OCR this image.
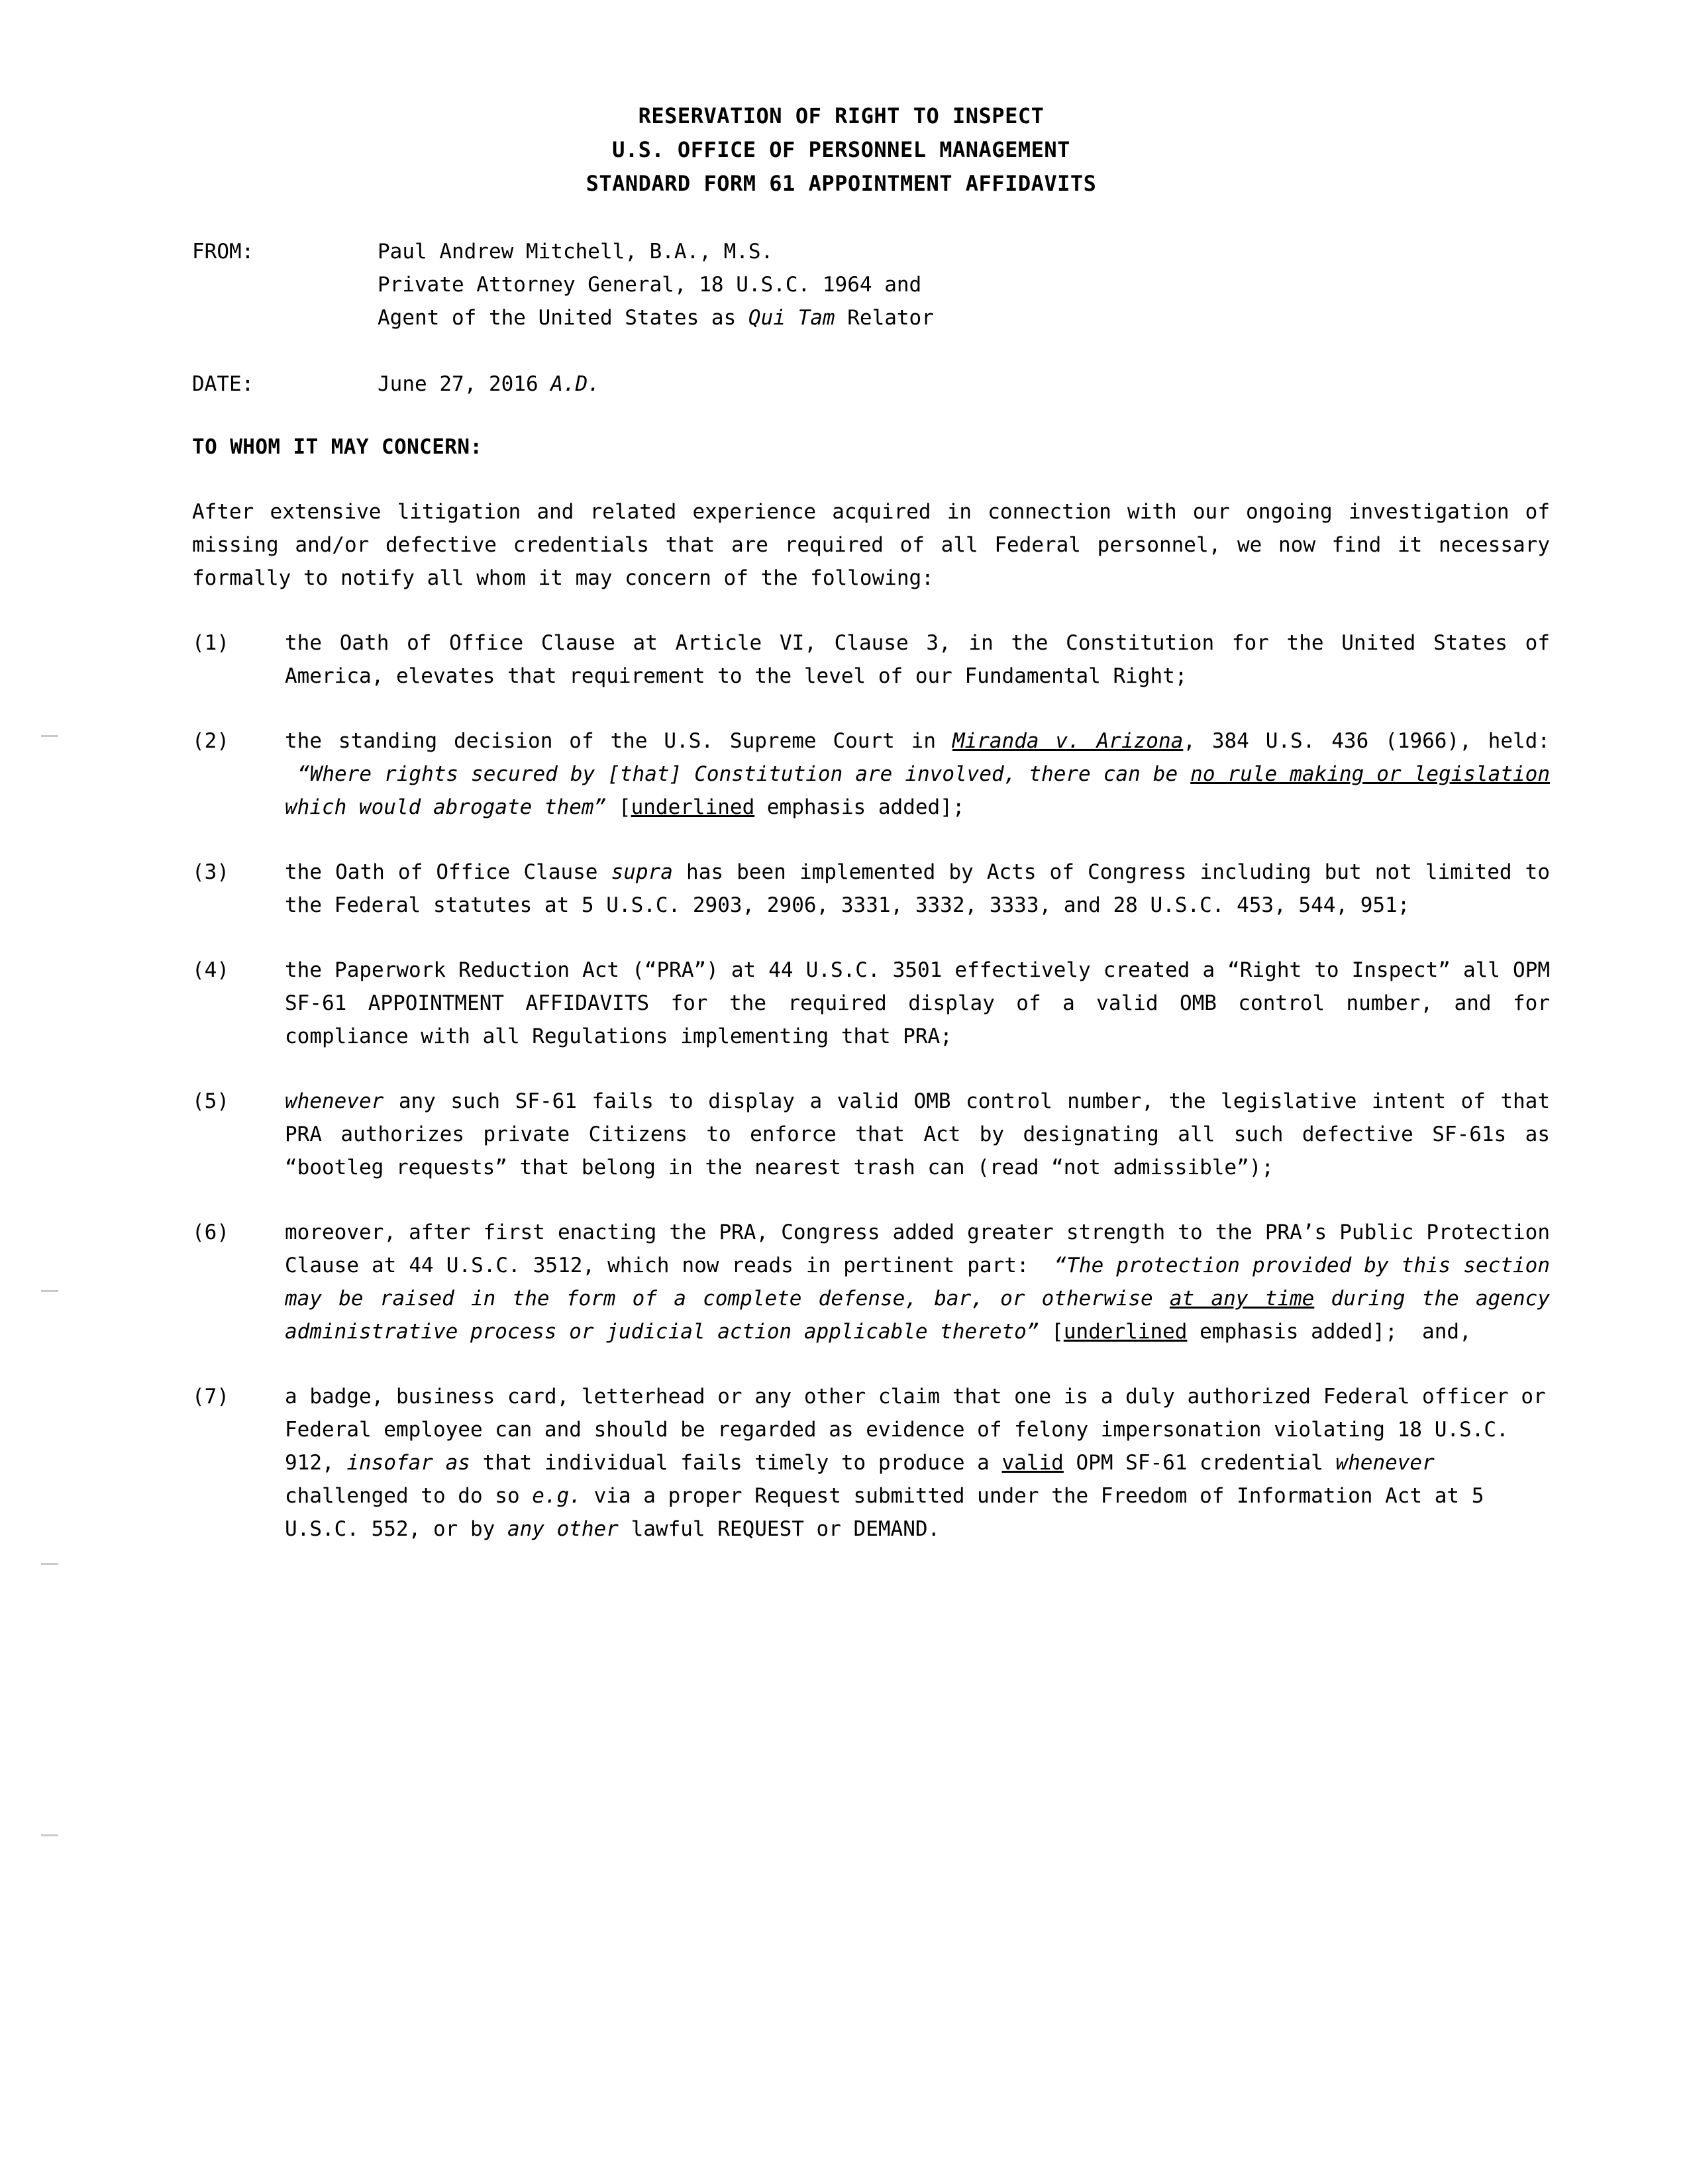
RESERVATION OF RIGHT TO INSPECT
U.S. OFFICE OF PERSONNEL MANAGEMENT
STANDARD FORM 61 APPOINTMENT AFFIDAVITS
FROM:	Paul Andrew Mitchell, B.A., M.S.
Private Attorney General, 18 U.S.C. 1964 and
Agent of the United States as Qui Tam Relator
DATE:	June 27, 2016 A.D.
TO WHOM IT MAY CONCERN:
After extensive litigation and related experience acquired in connection with our ongoing investigation of missing and/or defective credentials that are required of all Federal personnel, we now find it necessary formally to notify all whom it may concern of the following:
(1)	the Oath of Office Clause at Article VI, Clause 3, in the Constitution for the United States of America, elevates that requirement to the level of our Fundamental Right;
(2)	the standing decision of the U.S. Supreme Court in Miranda v. Arizona, 384 U.S. 436 (1966), held:  “Where rights secured by [that] Constitution are involved, there can be no rule making or legislation which would abrogate them” [underlined emphasis added];
(3)	the Oath of Office Clause supra has been implemented by Acts of Congress including but not limited to the Federal statutes at 5 U.S.C. 2903, 2906, 3331, 3332, 3333, and 28 U.S.C. 453, 544, 951;
(4)	the Paperwork Reduction Act (“PRA”) at 44 U.S.C. 3501 effectively created a “Right to Inspect” all OPM SF-61 APPOINTMENT AFFIDAVITS for the required display of a valid OMB control number, and for compliance with all Regulations implementing that PRA;
(5)	whenever any such SF-61 fails to display a valid OMB control number, the legislative intent of that PRA authorizes private Citizens to enforce that Act by designating all such defective SF-61s as “bootleg requests” that belong in the nearest trash can (read “not admissible”);
(6)	moreover, after first enacting the PRA, Congress added greater strength to the PRA’s Public Protection Clause at 44 U.S.C. 3512, which now reads in pertinent part:  “The protection provided by this section may be raised in the form of a complete defense, bar, or otherwise at any time during the agency administrative process or judicial action applicable thereto” [underlined emphasis added];  and,
(7)	a badge, business card, letterhead or any other claim that one is a duly authorized Federal officer or Federal employee can and should be regarded as evidence of felony impersonation violating 18 U.S.C. 912, insofar as that individual fails timely to produce a valid OPM SF-61 credential whenever challenged to do so e.g. via a proper Request submitted under the Freedom of Information Act at 5 U.S.C. 552, or by any other lawful REQUEST or DEMAND.
